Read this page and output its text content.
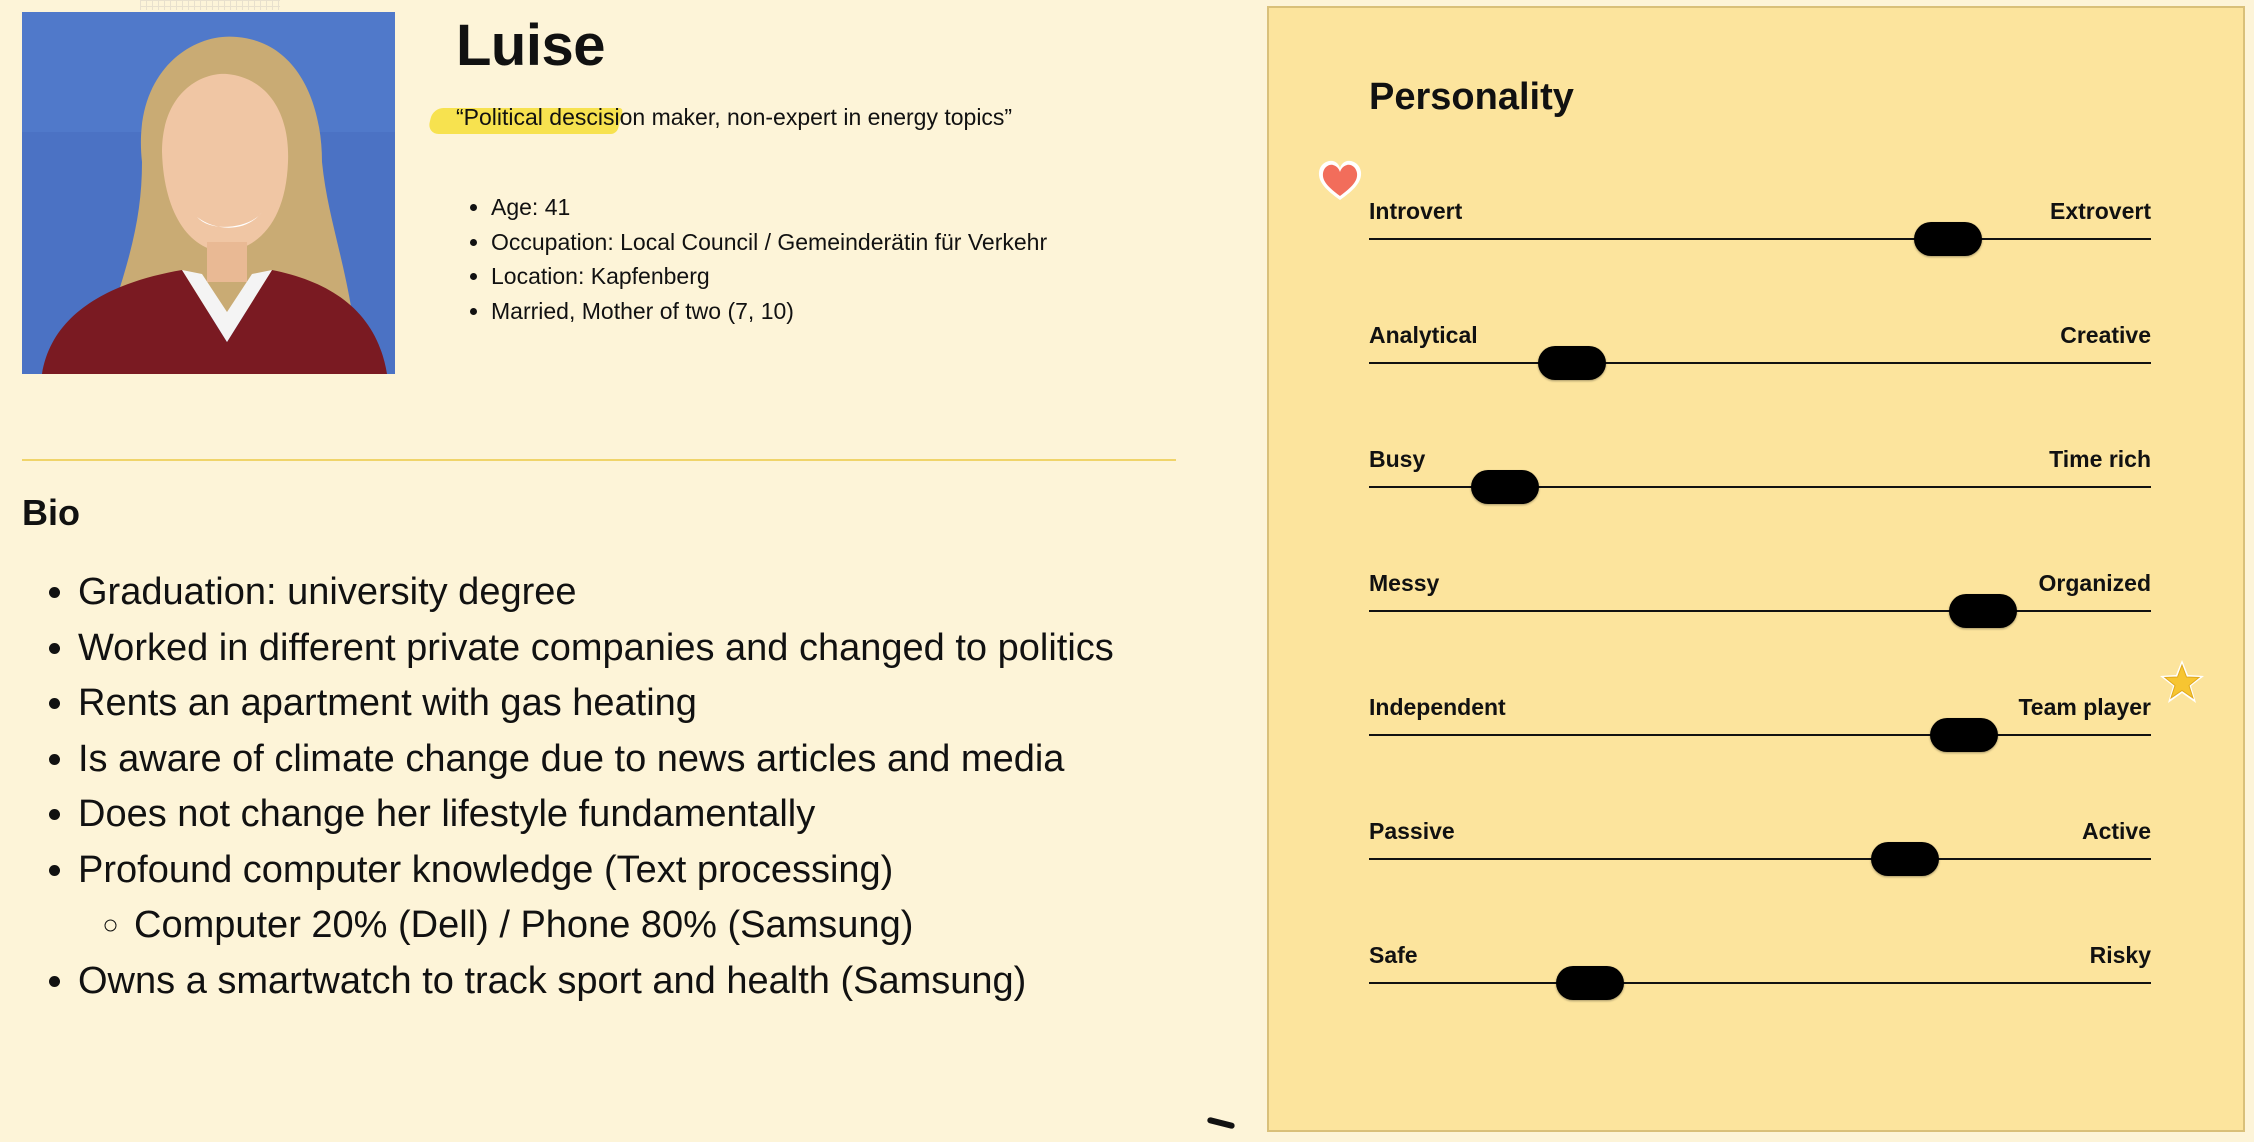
Luise
“Political descision maker, non-expert in energy topics”
• Age: 41
• Occupation: Local Council / Gemeinderätin für Verkehr
• Location: Kapfenberg
• Married, Mother of two (7, 10)
Bio
• Graduation: university degree
• Worked in different private companies and changed to politics
• Rents an apartment with gas heating
• Is aware of climate change due to news articles and media
• Does not change her lifestyle fundamentally
• Profound computer knowledge (Text processing)
◦ Computer 20% (Dell) / Phone 80% (Samsung)
• Owns a smartwatch to track sport and health (Samsung)
Personality
Introvert	Extrovert
Analytical	Creative
Busy	Time rich
Messy	Organized
Independent	Team player
Passive	Active
Safe	Risky
